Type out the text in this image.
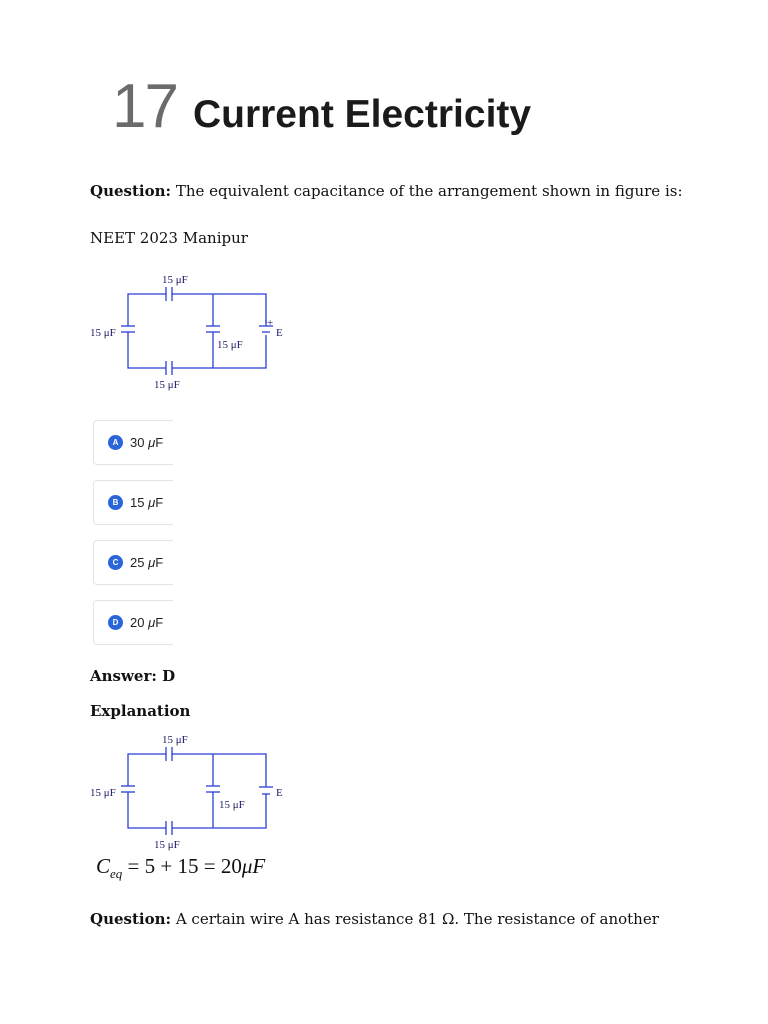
17 Current Electricity
Question: The equivalent capacitance of the arrangement shown in figure is:
NEET 2023 Manipur
15 μF
15 μF
15 μF
15 μF
E
+
A 30 μF
B 15 μF
C 25 μF
D 20 μF
Answer: D
Explanation
15 μF
15 μF
15 μF
15 μF
E
$C_{eq} = 5 + 15 = 20\mu F$
Question: A certain wire A has resistance 81 Ω. The resistance of another
